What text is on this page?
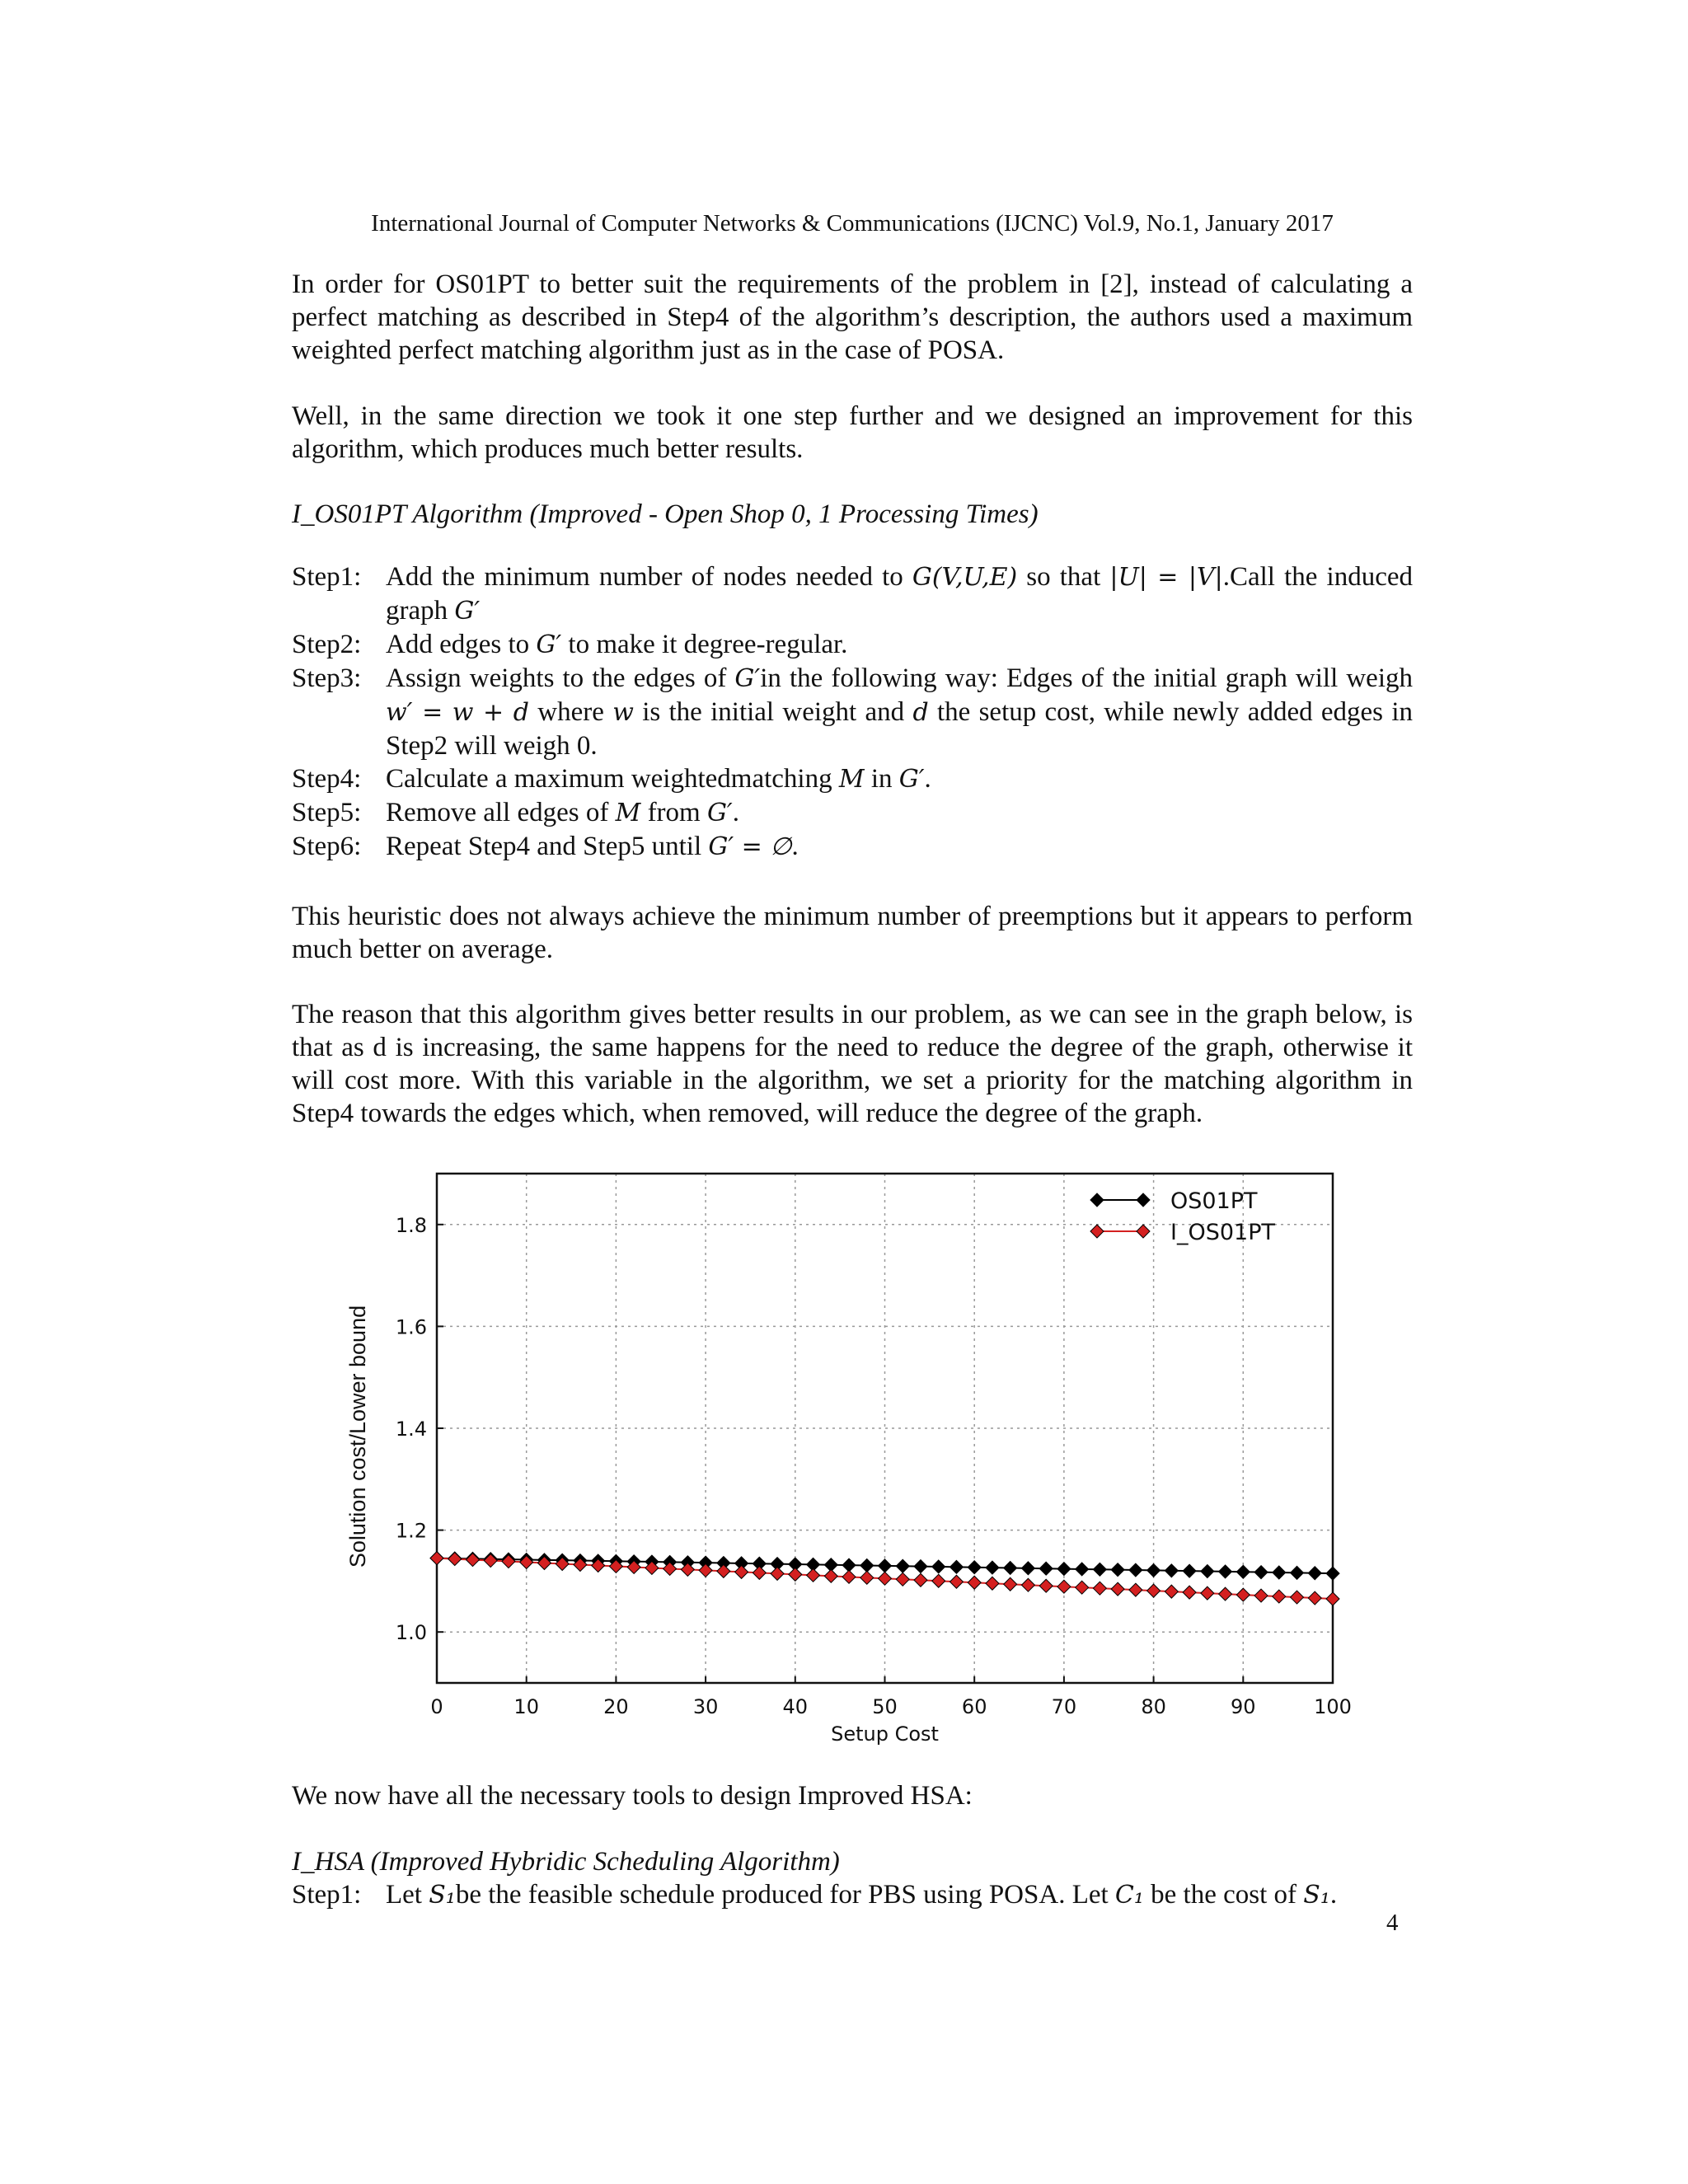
International Journal of Computer Networks & Communications (IJCNC) Vol.9, No.1, January 2017
In order for OS01PT to better suit the requirements of the problem in [2], instead of calculating a perfect matching as described in Step4 of the algorithm’s description, the authors used a maximum weighted perfect matching algorithm just as in the case of POSA.
Well, in the same direction we took it one step further and we designed an improvement for this algorithm, which produces much better results.
I_OS01PT Algorithm (Improved - Open Shop 0, 1 Processing Times)
Step1: Add the minimum number of nodes needed to G(V,U,E) so that |U| = |V|.Call the induced graph G′
Step2: Add edges to G′ to make it degree-regular.
Step3: Assign weights to the edges of G′in the following way: Edges of the initial graph will weigh w′ = w + d where w is the initial weight and d the setup cost, while newly added edges in Step2 will weigh 0.
Step4: Calculate a maximum weightedmatching M in G′.
Step5: Remove all edges of M from G′.
Step6: Repeat Step4 and Step5 until G′ = ∅.
This heuristic does not always achieve the minimum number of preemptions but it appears to perform much better on average.
The reason that this algorithm gives better results in our problem, as we can see in the graph below, is that as d is increasing, the same happens for the need to reduce the degree of the graph, otherwise it will cost more. With this variable in the algorithm, we set a priority for the matching algorithm in Step4 towards the edges which, when removed, will reduce the degree of the graph.
0	10	20	30	40	50	60	70	80	90	100
1.0
1.2
1.4
1.6
1.8
OS01PT
I_OS01PT
Setup Cost
Solution cost/Lower bound
We now have all the necessary tools to design Improved HSA:
I_HSA (Improved Hybridic Scheduling Algorithm)
Step1: Let S₁be the feasible schedule produced for PBS using POSA. Let C₁ be the cost of S₁.
4
